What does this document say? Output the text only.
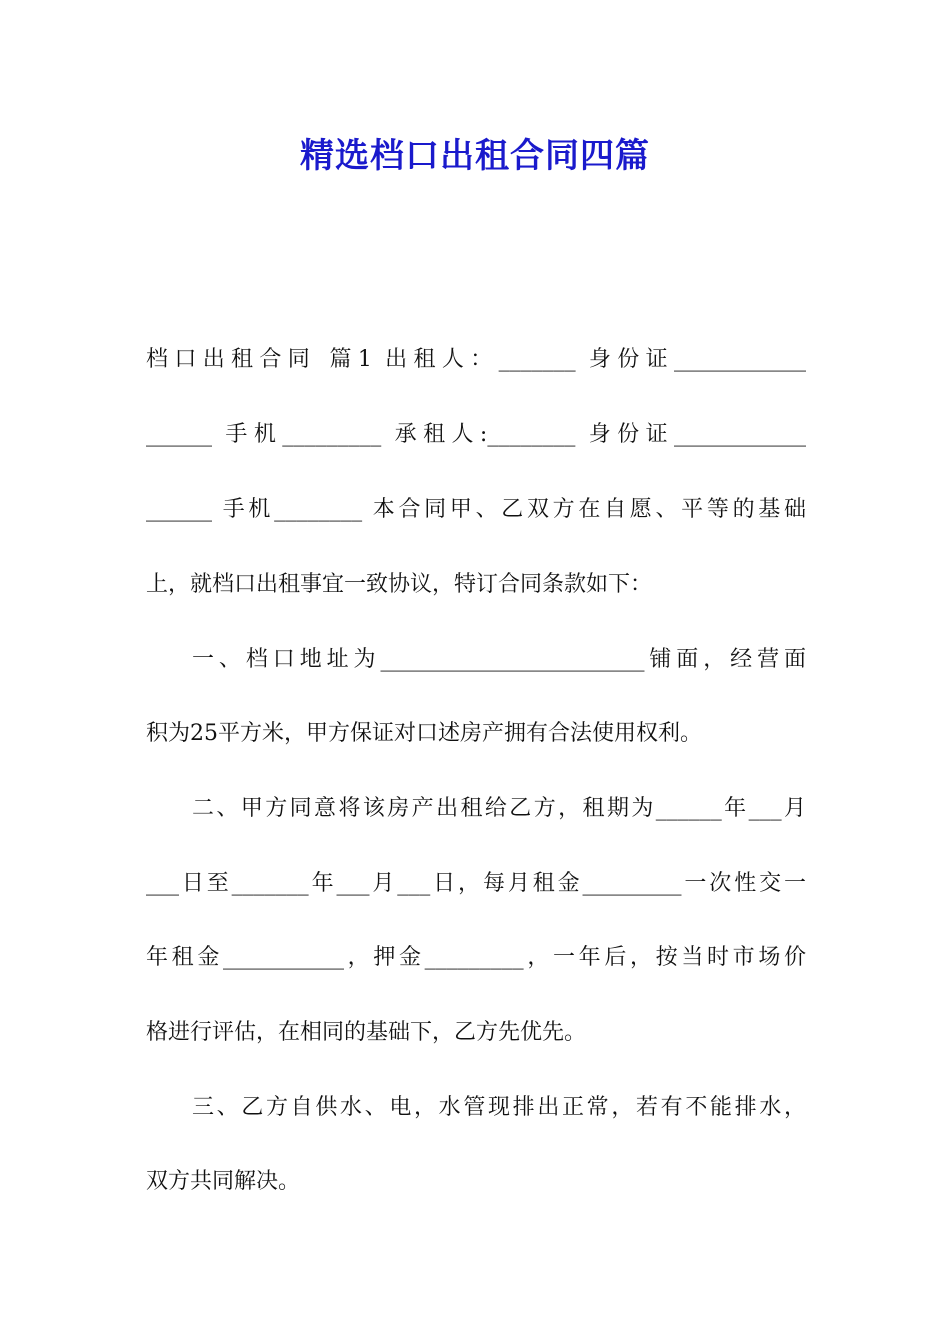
精选档口出租合同四篇
档口出租合同 篇1 出租人：_______ 身份证____________
______ 手机_________ 承租人:________ 身份证____________
______ 手机________ 本合同甲、乙双方在自愿、平等的基础
上，就档口出租事宜一致协议，特订合同条款如下：
一、档口地址为________________________铺面，经营面
积为25平方米，甲方保证对口述房产拥有合法使用权利。
二、甲方同意将该房产出租给乙方，租期为______年___月
___日至_______年___月___日，每月租金_________一次性交一
年租金___________，押金_________，一年后，按当时市场价
格进行评估，在相同的基础下，乙方先优先。
三、乙方自供水、电，水管现排出正常，若有不能排水，
双方共同解决。
